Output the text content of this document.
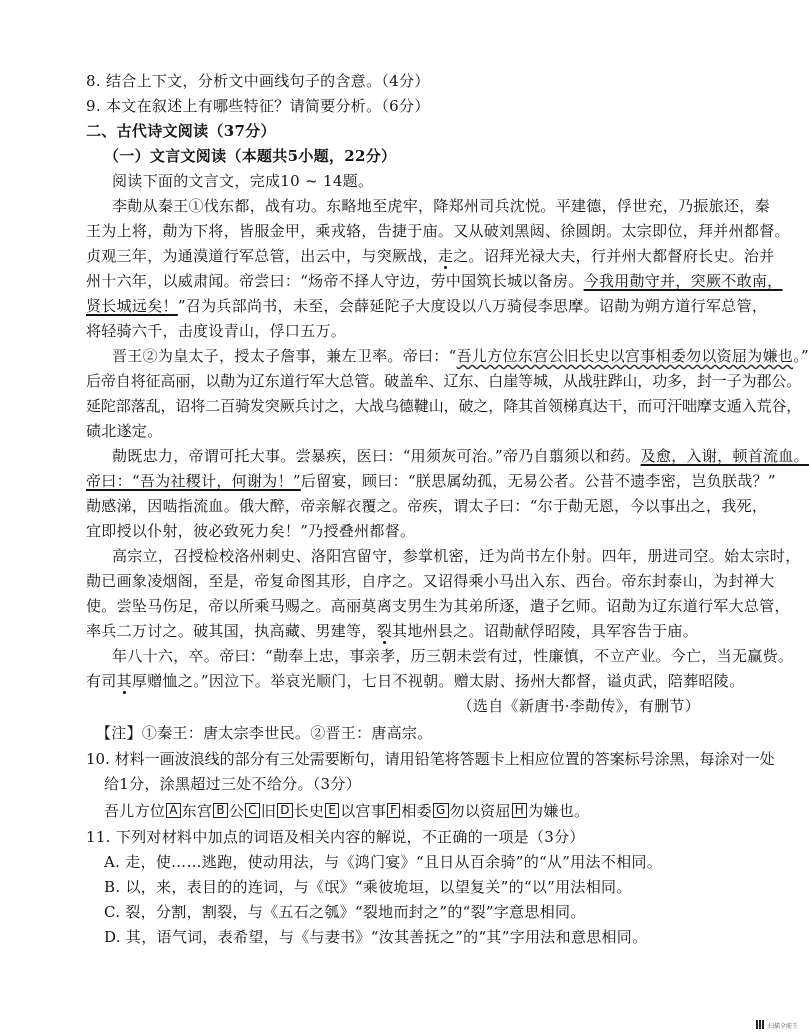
8. 结合上下文，分析文中画线句子的含意。（4分）
9. 本文在叙述上有哪些特征？请简要分析。（6分）
二、古代诗文阅读（37分）
（一）文言文阅读（本题共5小题，22分）
阅读下面的文言文，完成10 ~ 14题。
李勣从秦王①伐东都，战有功。东略地至虎牢，降郑州司兵沈悦。平建德，俘世充，乃振旅还，秦
王为上将，勣为下将，皆服金甲，乘戎辂，告捷于庙。又从破刘黑闼、徐圆朗。太宗即位，拜并州都督。
贞观三年，为通漠道行军总管，出云中，与突厥战，走之。诏拜光禄大夫，行并州大都督府长史。治并
州十六年，以威肃闻。帝尝曰：“炀帝不择人守边，劳中国筑长城以备房。今我用勣守并，突厥不敢南，
贤长城远矣！”召为兵部尚书，未至，会薛延陀子大度设以八万骑侵李思摩。诏勣为朔方道行军总管，
将轻骑六千，击度设青山，俘口五万。
晋王②为皇太子，授太子詹事，兼左卫率。帝曰：“吾儿方位东宫公旧长史以宫事相委勿以资屈为嫌也。”
后帝自将征高丽，以勣为辽东道行军大总管。破盖牟、辽东、白崖等城，从战驻跸山，功多，封一子为郡公。
延陀部落乱，诏将二百骑发突厥兵讨之，大战乌德鞬山，破之，降其首领梯真达干，而可汗咄摩支遁入荒谷，
碛北遂定。
勣既忠力，帝谓可托大事。尝暴疾，医曰：“用须灰可治。”帝乃自翦须以和药。及愈，入谢，顿首流血。
帝曰：“吾为社稷计，何谢为！”后留宴，顾曰：“朕思属幼孤，无易公者。公昔不遗李密，岂负朕哉？”
勣感涕，因啮指流血。俄大醉，帝亲解衣覆之。帝疾，谓太子曰：“尔于勣无恩，今以事出之，我死，
宜即授以仆射，彼必致死力矣！”乃授叠州都督。
高宗立，召授检校洛州刺史、洛阳宫留守，参掌机密，迁为尚书左仆射。四年，册进司空。始太宗时，
勣已画象凌烟阁，至是，帝复命图其形，自序之。又诏得乘小马出入东、西台。帝东封泰山，为封禅大
使。尝坠马伤足，帝以所乘马赐之。高丽莫离支男生为其弟所逐，遣子乞师。诏勣为辽东道行军大总管，
率兵二万讨之。破其国，执高藏、男建等，裂其地州县之。诏勣献俘昭陵，具军容告于庙。
年八十六，卒。帝曰：“勣奉上忠，事亲孝，历三朝未尝有过，性廉慎，不立产业。今亡，当无赢赀。
有司其厚赠恤之。”因泣下。举哀光顺门，七日不视朝。赠太尉、扬州大都督，谥贞武，陪葬昭陵。
（选自《新唐书·李勣传》，有删节）
【注】①秦王：唐太宗李世民。②晋王：唐高宗。
10. 材料一画波浪线的部分有三处需要断句，请用铅笔将答题卡上相应位置的答案标号涂黑，每涂对一处
给1分，涂黑超过三处不给分。（3分）
吾儿方位 A 东宫 B 公 C 旧 D 长史 E 以宫事 F 相委 G 勿以资屈 H 为嫌也。
11. 下列对材料中加点的词语及相关内容的解说，不正确的一项是（3分）
A. 走，使……逃跑，使动用法，与《鸿门宴》“且日从百余骑”的“从”用法不相同。
B. 以，来，表目的的连词，与《氓》“乘彼垝垣，以望复关”的“以”用法相同。
C. 裂，分割，割裂，与《五石之瓠》“裂地而封之”的“裂”字意思相同。
D. 其，语气词，表希望，与《与妻书》“汝其善抚之”的“其”字用法和意思相同。
扫描全能王
